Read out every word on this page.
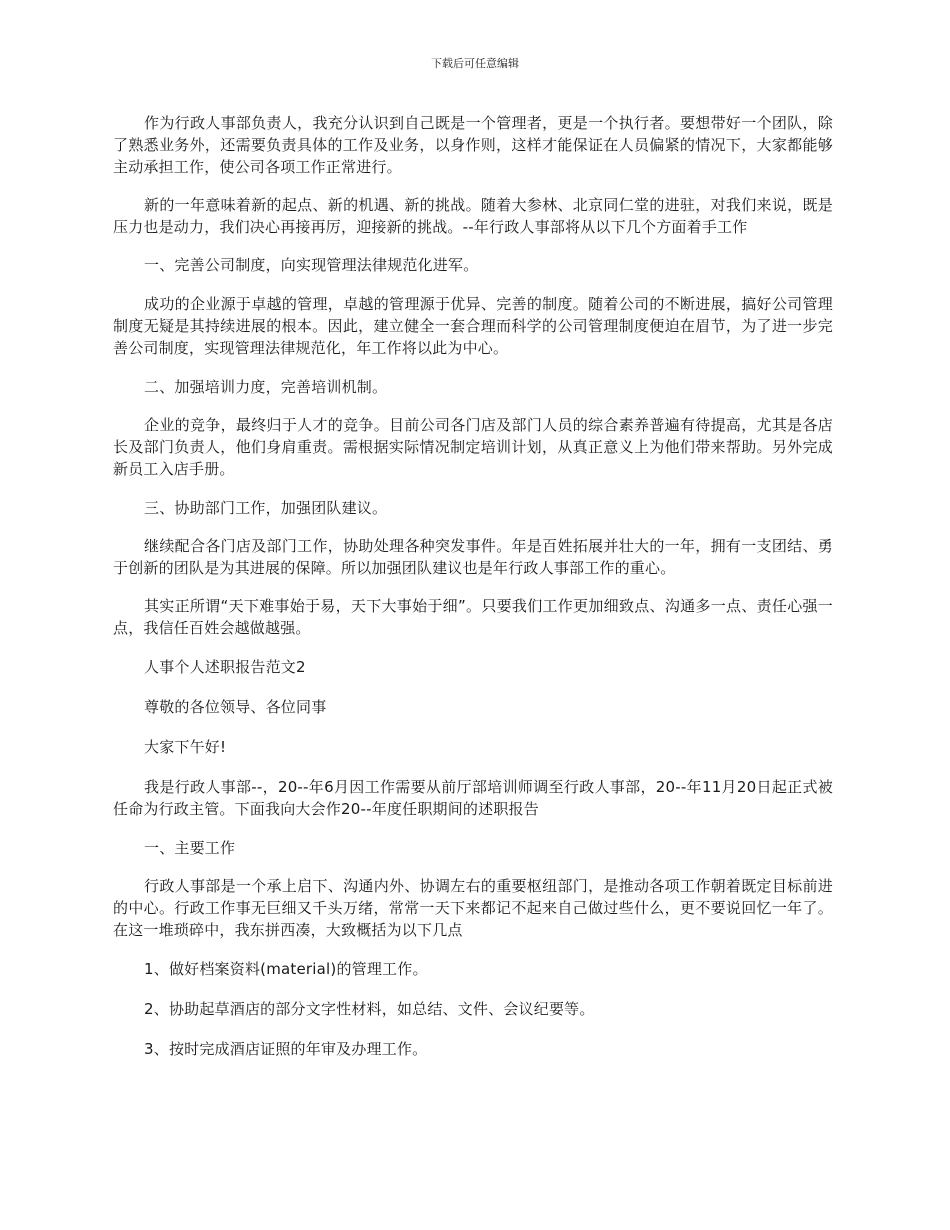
下载后可任意编辑

作为行政人事部负责人，我充分认识到自己既是一个管理者，更是一个执行者。要想带好一个团队，除了熟悉业务外，还需要负责具体的工作及业务，以身作则，这样才能保证在人员偏紧的情况下，大家都能够主动承担工作，使公司各项工作正常进行。

新的一年意味着新的起点、新的机遇、新的挑战。随着大参林、北京同仁堂的进驻，对我们来说，既是压力也是动力，我们决心再接再厉，迎接新的挑战。--年行政人事部将从以下几个方面着手工作

一、完善公司制度，向实现管理法律规范化进军。

成功的企业源于卓越的管理，卓越的管理源于优异、完善的制度。随着公司的不断进展，搞好公司管理制度无疑是其持续进展的根本。因此，建立健全一套合理而科学的公司管理制度便迫在眉节，为了进一步完善公司制度，实现管理法律规范化，年工作将以此为中心。

二、加强培训力度，完善培训机制。

企业的竞争，最终归于人才的竞争。目前公司各门店及部门人员的综合素养普遍有待提高，尤其是各店长及部门负责人，他们身肩重责。需根据实际情况制定培训计划，从真正意义上为他们带来帮助。另外完成新员工入店手册。

三、协助部门工作，加强团队建议。

继续配合各门店及部门工作，协助处理各种突发事件。年是百姓拓展并壮大的一年，拥有一支团结、勇于创新的团队是为其进展的保障。所以加强团队建议也是年行政人事部工作的重心。

其实正所谓“天下难事始于易，天下大事始于细”。只要我们工作更加细致点、沟通多一点、责任心强一点，我信任百姓会越做越强。

人事个人述职报告范文2

尊敬的各位领导、各位同事

大家下午好!

我是行政人事部--，20--年6月因工作需要从前厅部培训师调至行政人事部，20--年11月20日起正式被任命为行政主管。下面我向大会作20--年度任职期间的述职报告

一、主要工作

行政人事部是一个承上启下、沟通内外、协调左右的重要枢纽部门，是推动各项工作朝着既定目标前进的中心。行政工作事无巨细又千头万绪，常常一天下来都记不起来自己做过些什么，更不要说回忆一年了。在这一堆琐碎中，我东拼西凑，大致概括为以下几点

1、做好档案资料(material)的管理工作。

2、协助起草酒店的部分文字性材料，如总结、文件、会议纪要等。

3、按时完成酒店证照的年审及办理工作。
